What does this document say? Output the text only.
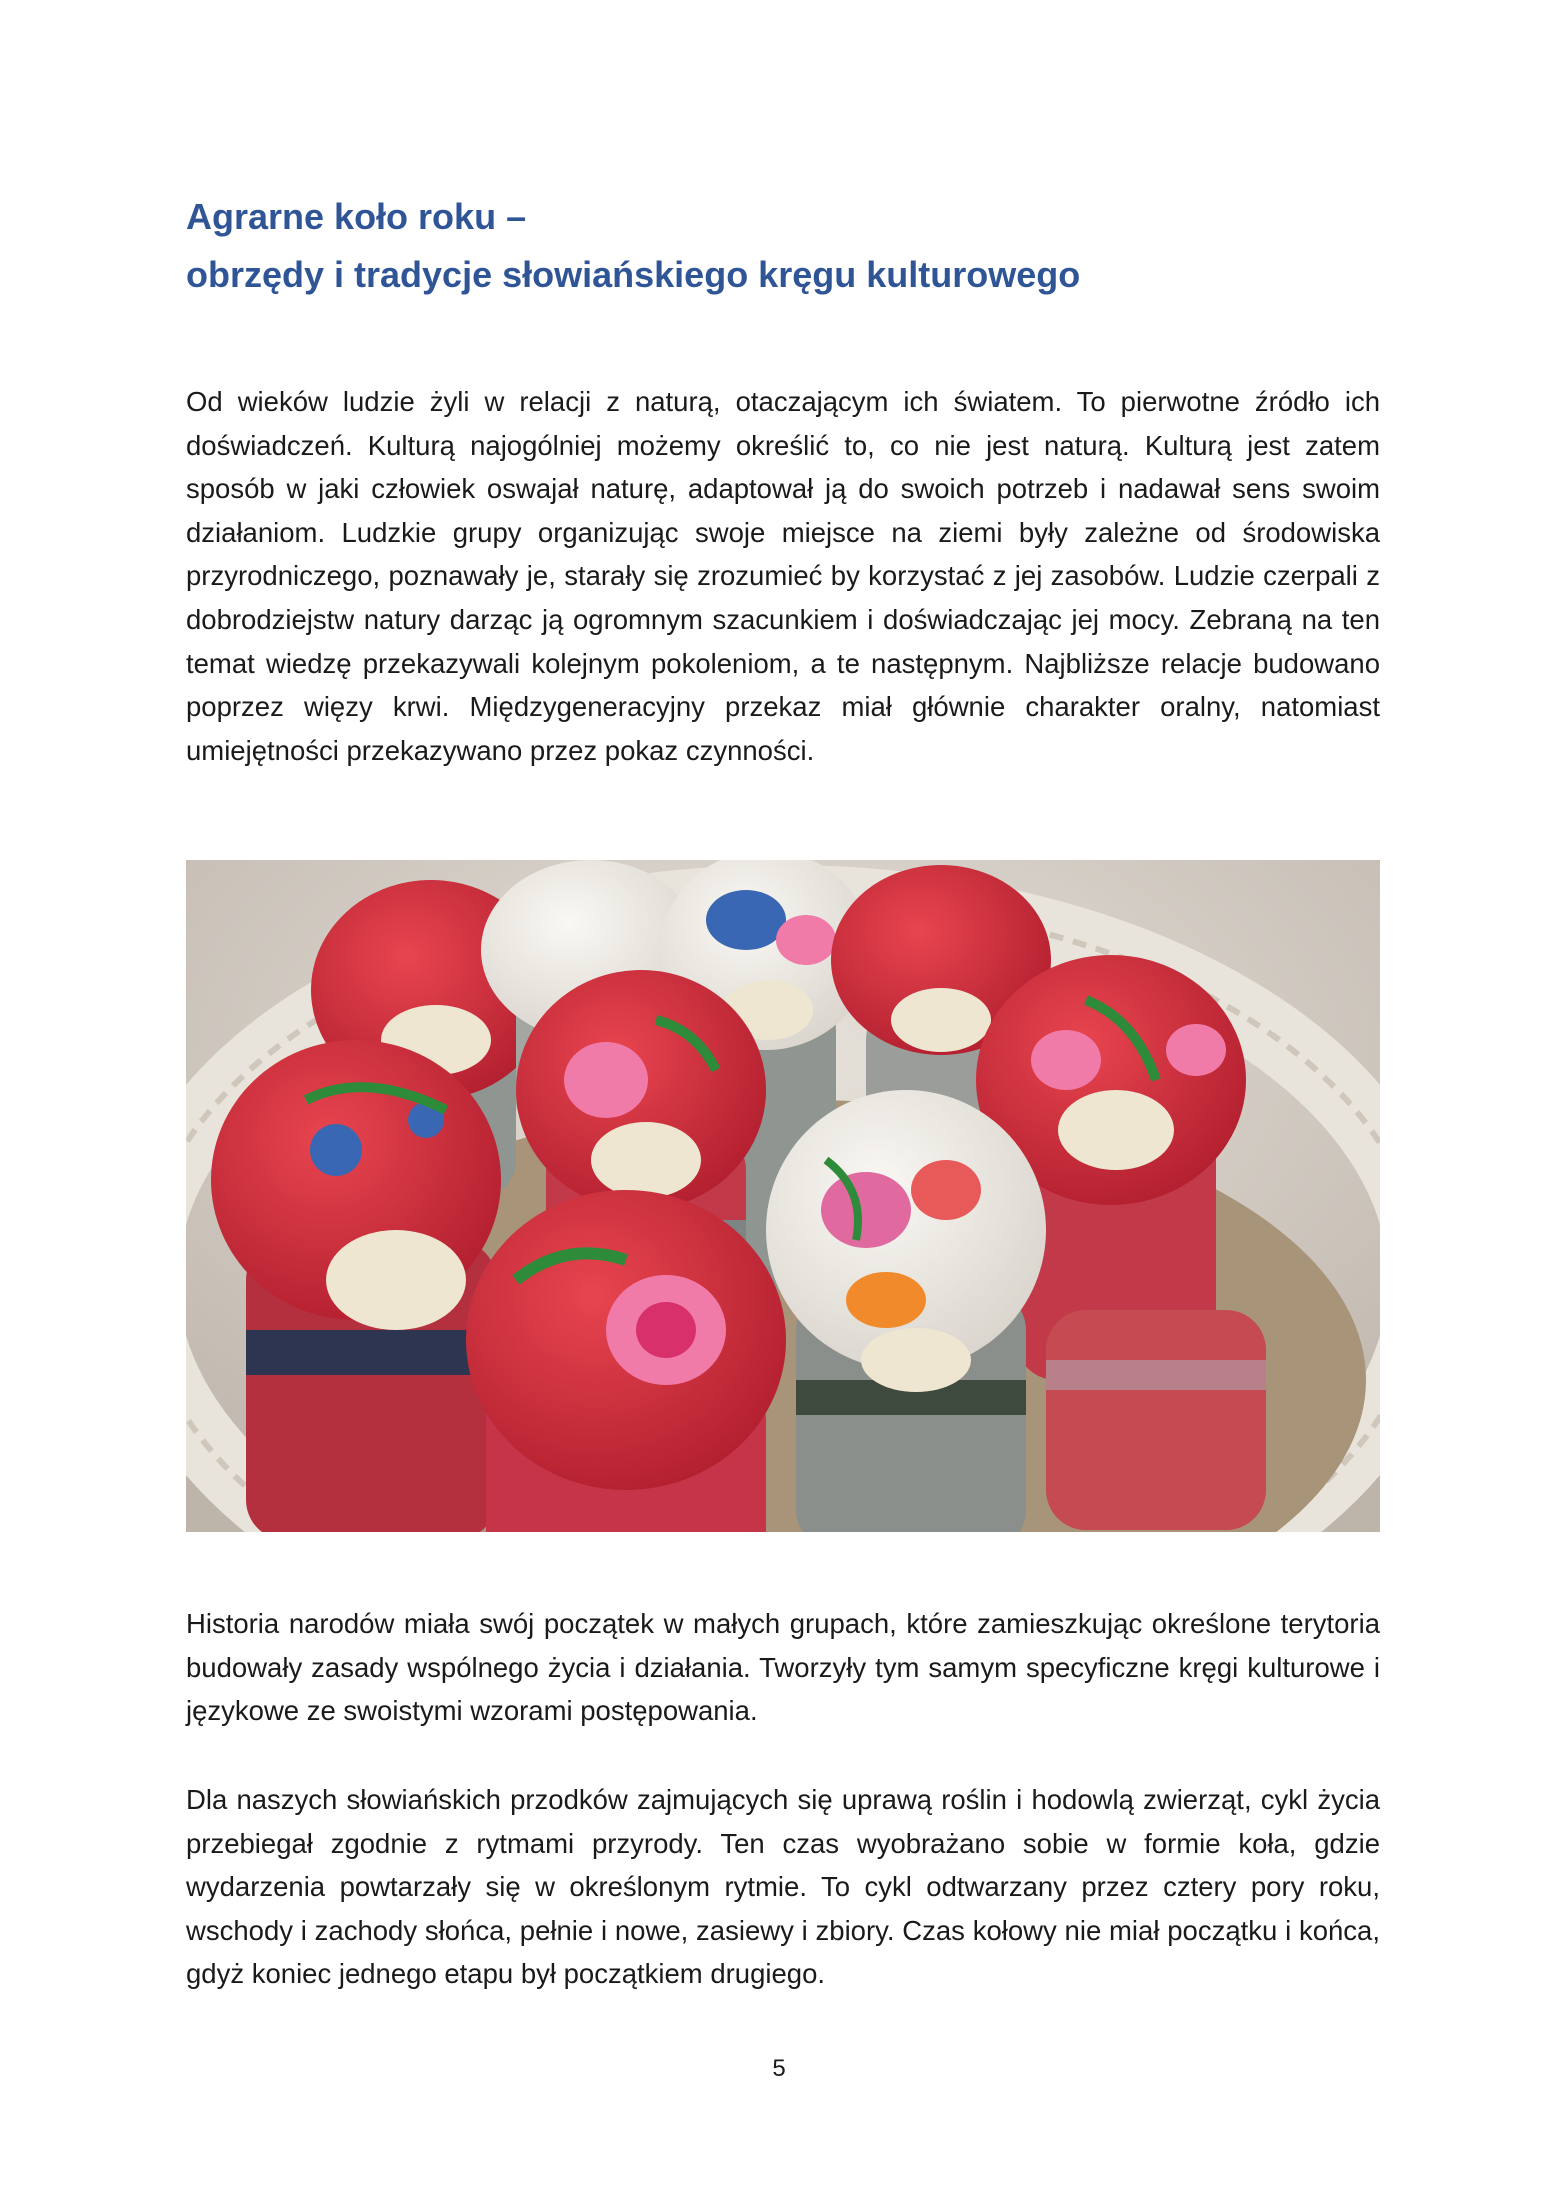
Agrarne koło roku –
obrzędy i tradycje słowiańskiego kręgu kulturowego

Od wieków ludzie żyli w relacji z naturą, otaczającym ich światem. To pierwotne źródło ich doświadczeń. Kulturą najogólniej możemy określić to, co nie jest naturą. Kulturą jest zatem sposób w jaki człowiek oswajał naturę, adaptował ją do swoich potrzeb i nadawał sens swoim działaniom. Ludzkie grupy organizując swoje miejsce na ziemi były zależne od środowiska przyrodniczego, poznawały je, starały się zrozumieć by korzystać z jej zasobów. Ludzie czerpali z dobrodziejstw natury darząc ją ogromnym szacunkiem i doświadczając jej mocy. Zebraną na ten temat wiedzę przekazywali kolejnym pokoleniom, a te następnym. Najbliższe relacje budowano poprzez więzy krwi. Międzygeneracyjny przekaz miał głównie charakter oralny, natomiast umiejętności przekazywano przez pokaz czynności.

Historia narodów miała swój początek w małych grupach, które zamieszkując określone terytoria budowały zasady wspólnego życia i działania. Tworzyły tym samym specyficzne kręgi kulturowe i językowe ze swoistymi wzorami postępowania.

Dla naszych słowiańskich przodków zajmujących się uprawą roślin i hodowlą zwierząt, cykl życia przebiegał zgodnie z rytmami przyrody. Ten czas wyobrażano sobie w formie koła, gdzie wydarzenia powtarzały się w określonym rytmie. To cykl odtwarzany przez cztery pory roku, wschody i zachody słońca, pełnie i nowe, zasiewy i zbiory. Czas kołowy nie miał początku i końca, gdyż koniec jednego etapu był początkiem drugiego.

5
